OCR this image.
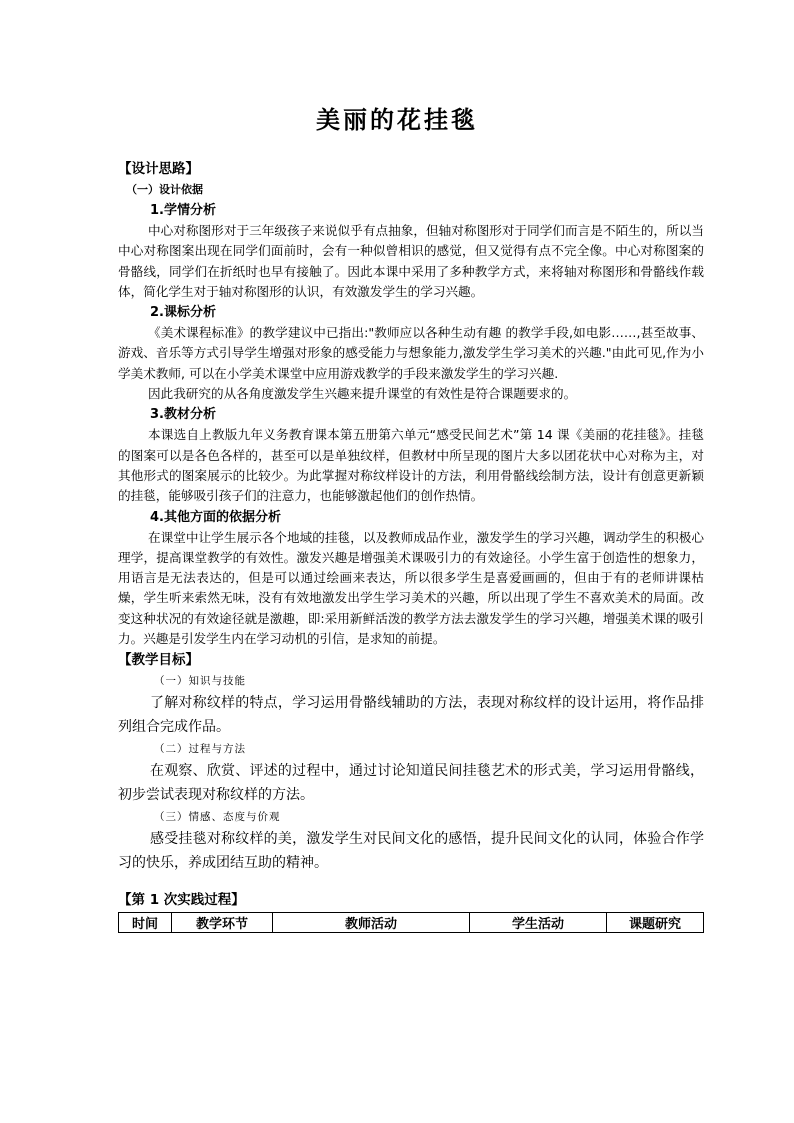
美丽的花挂毯
【设计思路】
（一）设计依据
1.学情分析

中心对称图形对于三年级孩子来说似乎有点抽象，但轴对称图形对于同学们而言是不陌生的，所以当中心对称图案出现在同学们面前时，会有一种似曾相识的感觉，但又觉得有点不完全像。中心对称图案的骨骼线，同学们在折纸时也早有接触了。因此本课中采用了多种教学方式，来将轴对称图形和骨骼线作载体，简化学生对于轴对称图形的认识，有效激发学生的学习兴趣。

2.课标分析

《美术课程标准》的教学建议中已指出:"教师应以各种生动有趣 的教学手段,如电影……,甚至故事、游戏、音乐等方式引导学生增强对形象的感受能力与想象能力,激发学生学习美术的兴趣."由此可见,作为小学美术教师, 可以在小学美术课堂中应用游戏教学的手段来激发学生的学习兴趣.

因此我研究的从各角度激发学生兴趣来提升课堂的有效性是符合课题要求的。

3.教材分析

本课选自上教版九年义务教育课本第五册第六单元“感受民间艺术”第 14 课《美丽的花挂毯》。挂毯的图案可以是各色各样的，甚至可以是单独纹样，但教材中所呈现的图片大多以团花状中心对称为主，对其他形式的图案展示的比较少。为此掌握对称纹样设计的方法，利用骨骼线绘制方法，设计有创意更新颖的挂毯，能够吸引孩子们的注意力，也能够激起他们的创作热情。

4.其他方面的依据分析

在课堂中让学生展示各个地域的挂毯，以及教师成品作业，激发学生的学习兴趣，调动学生的积极心理学，提高课堂教学的有效性。激发兴趣是增强美术课吸引力的有效途径。小学生富于创造性的想象力，用语言是无法表达的，但是可以通过绘画来表达，所以很多学生是喜爱画画的，但由于有的老师讲课枯燥，学生听来索然无味，没有有效地激发出学生学习美术的兴趣，所以出现了学生不喜欢美术的局面。改变这种状况的有效途径就是激趣，即:采用新鲜活泼的教学方法去激发学生的学习兴趣，增强美术课的吸引力。兴趣是引发学生内在学习动机的引信，是求知的前提。

【教学目标】
（一）知识与技能

了解对称纹样的特点，学习运用骨骼线辅助的方法，表现对称纹样的设计运用，将作品排列组合完成作品。

（二）过程与方法

在观察、欣赏、评述的过程中，通过讨论知道民间挂毯艺术的形式美，学习运用骨骼线，初步尝试表现对称纹样的方法。

（三）情感、态度与价观

感受挂毯对称纹样的美，激发学生对民间文化的感悟，提升民间文化的认同，体验合作学习的快乐，养成团结互助的精神。

【第 1 次实践过程】
时间	教学环节	教师活动	学生活动	课题研究
